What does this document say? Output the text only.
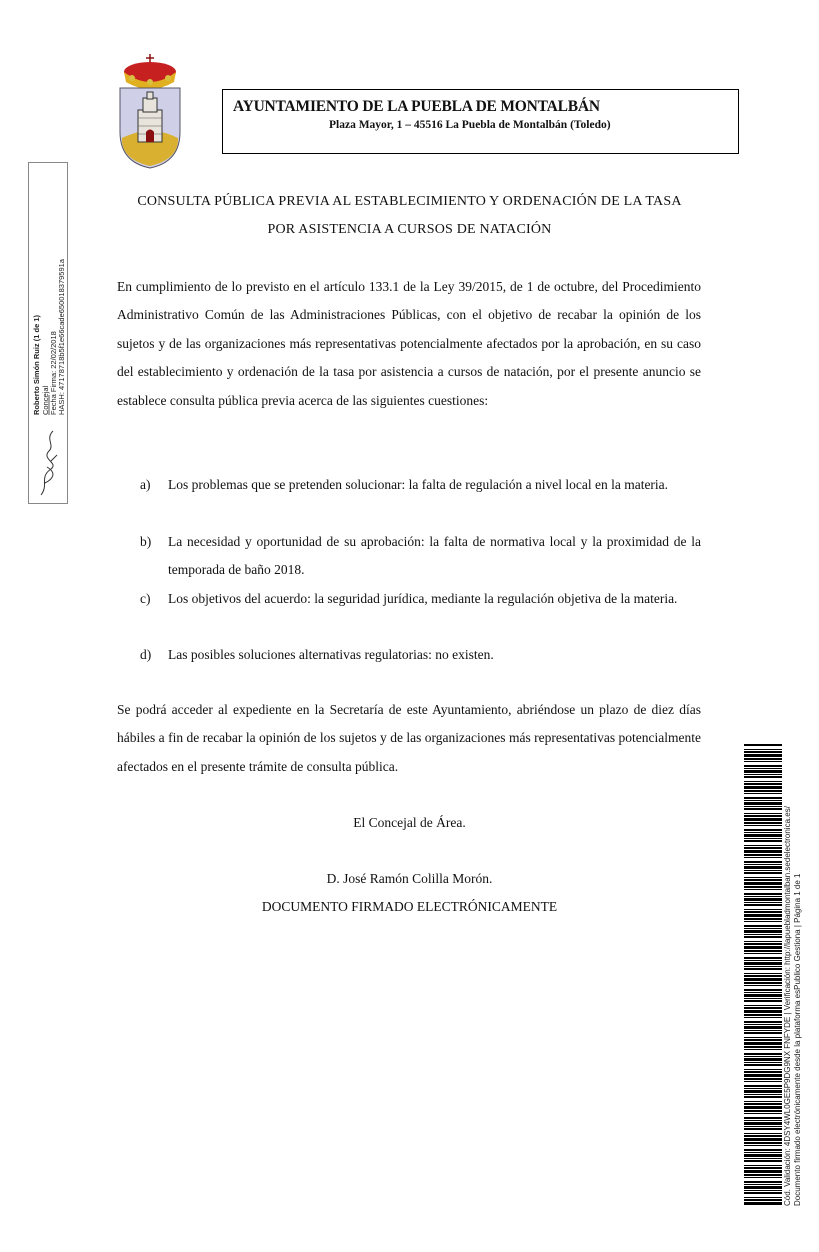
AYUNTAMIENTO DE LA PUEBLA DE MONTALBÁN
Plaza Mayor, 1 – 45516 La Puebla de Montalbán (Toledo)
Roberto Simón Ruiz (1 de 1) Concejal Fecha Firma: 22/02/2018 HASH: 47178718b5f1e66cade650018379591a
CONSULTA PÚBLICA PREVIA AL ESTABLECIMIENTO Y ORDENACIÓN DE LA TASA
POR ASISTENCIA A CURSOS DE NATACIÓN
En cumplimiento de lo previsto en el artículo 133.1 de la Ley 39/2015, de 1 de octubre, del Procedimiento Administrativo Común de las Administraciones Públicas, con el objetivo de recabar la opinión de los sujetos y de las organizaciones más representativas potencialmente afectados por la aprobación, en su caso del establecimiento y ordenación de la tasa por asistencia a cursos de natación, por el presente anuncio se establece consulta pública previa acerca de las siguientes cuestiones:
a) Los problemas que se pretenden solucionar: la falta de regulación a nivel local en la materia.
b) La necesidad y oportunidad de su aprobación: la falta de normativa local y la proximidad de la temporada de baño 2018.
c) Los objetivos del acuerdo: la seguridad jurídica, mediante la regulación objetiva de la materia.
d) Las posibles soluciones alternativas regulatorias: no existen.
Se podrá acceder al expediente en la Secretaría de este Ayuntamiento, abriéndose un plazo de diez días hábiles a fin de recabar la opinión de los sujetos y de las organizaciones más representativas potencialmente afectados en el presente trámite de consulta pública.
El Concejal de Área.
D. José Ramón Colilla Morón.
DOCUMENTO FIRMADO ELECTRÓNICAMENTE	Cód. Validación: 4DSY4WL0GE5P9DG9NX FNFYDE | Verificación: http://lapuebladmontalban.sedelectronica.es/ Documento firmado electrónicamente desde la plataforma esPublico Gestiona | Página 1 de 1
